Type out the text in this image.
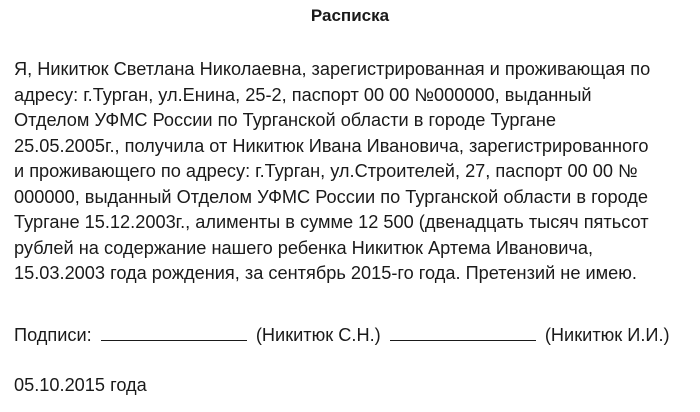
Расписка
Я, Никитюк Светлана Николаевна, зарегистрированная и проживающая по
адресу: г.Турган, ул.Енина, 25-2, паспорт 00 00 №000000, выданный
Отделом УФМС России по Турганской области в городе Тургане
25.05.2005г., получила от Никитюк Ивана Ивановича, зарегистрированного
и проживающего по адресу: г.Турган, ул.Строителей, 27, паспорт 00 00 №
000000, выданный Отделом УФМС России по Турганской области в городе
Тургане 15.12.2003г., алименты в сумме 12 500 (двенадцать тысяч пятьсот
рублей на содержание нашего ребенка Никитюк Артема Ивановича,
15.03.2003 года рождения, за сентябрь 2015-го года. Претензий не имею.
Подписи:	(Никитюк С.Н.)	(Никитюк И.И.)
05.10.2015 года
